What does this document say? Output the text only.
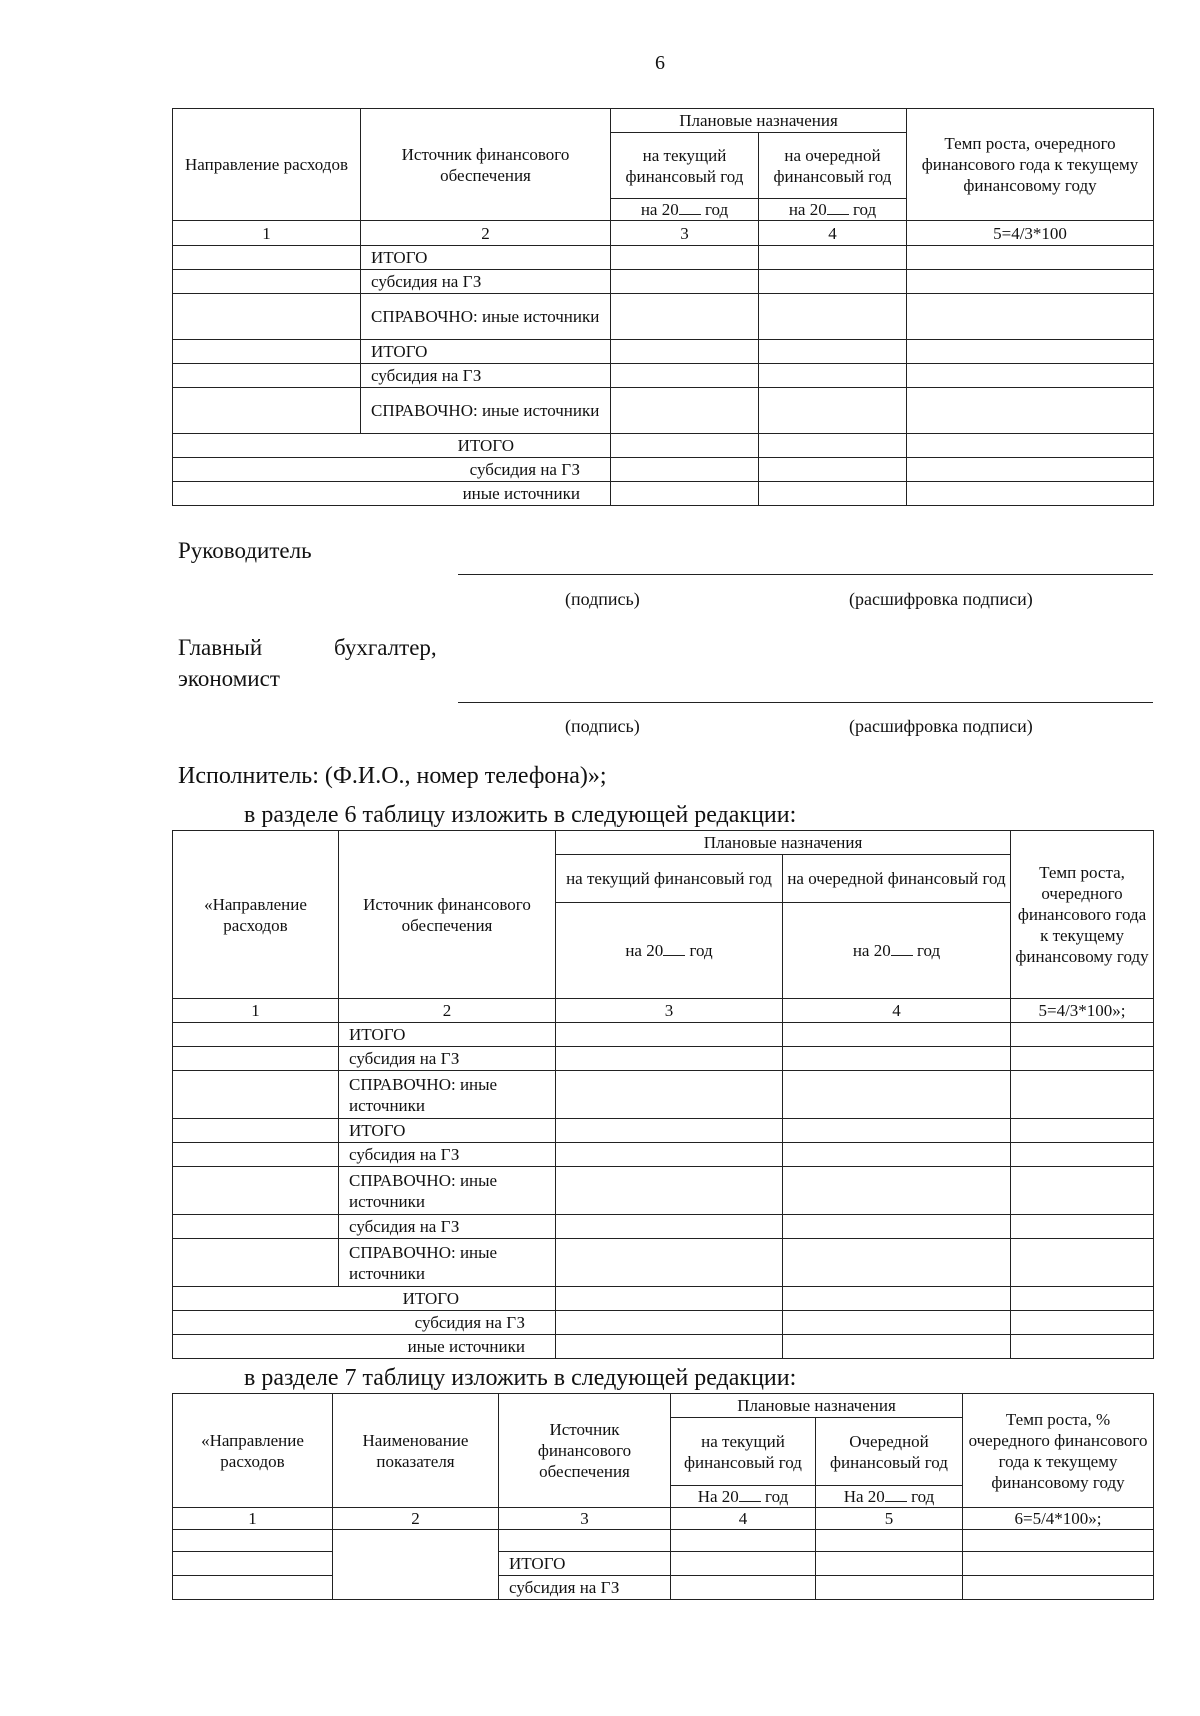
6
Направление расходов	Источник финансового обеспечения	Плановые назначения		Темп роста, очередного финансового года к текущему финансовому году
		на текущий финансовый год	на очередной финансовый год	

		на 20 год	на 20 год	
1	2	3	4	5=4/3*100
	ИТОГО			
	субсидия на ГЗ			
	СПРАВОЧНО: иные источники			
	ИТОГО			
	субсидия на ГЗ			
	СПРАВОЧНО: иные источники			
ИТОГО				
субсидия на ГЗ				
иные источники				
Руководитель
(подпись)	(расшифровка подписи)
Главный	бухгалтер,
экономист
(подпись)	(расшифровка подписи)
Исполнитель: (Ф.И.О., номер телефона)»;
в разделе 6 таблицу изложить в следующей редакции:
«Направление расходов	Источник финансового обеспечения	Плановые назначения		Темп роста, очередного финансового года к текущему финансовому году
		на текущий финансовый год	на очередной финансовый год	
		на 20 год	на 20 год	
1	2	3	4	5=4/3*100»;
	ИТОГО			
	субсидия на ГЗ			
	СПРАВОЧНО: иные источники			
	ИТОГО			
	субсидия на ГЗ			
	СПРАВОЧНО: иные источники			
	субсидия на ГЗ			
	СПРАВОЧНО: иные источники			
ИТОГО				
субсидия на ГЗ				
иные источники				
в разделе 7 таблицу изложить в следующей редакции:
«Направление расходов	Наименование показателя	Источник финансового обеспечения	Плановые назначения		Темп роста, % очередного финансового года к текущему финансовому году
			на текущий финансовый год	Очередной финансовый год	
			На 20 год	На 20 год	
1	2	3	4	5	6=5/4*100»;

		ИТОГО			
		субсидия на ГЗ			
